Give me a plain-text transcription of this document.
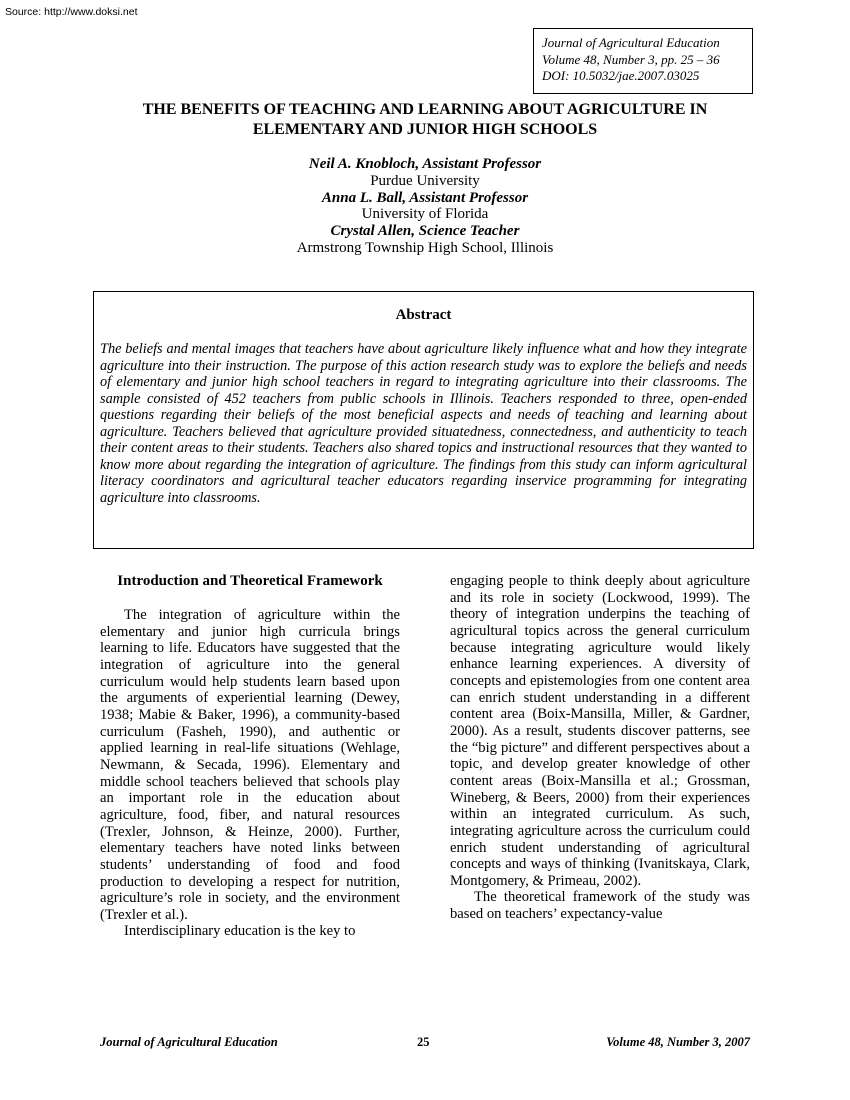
Source: http://www.doksi.net
Journal of Agricultural Education
Volume 48, Number 3, pp. 25 – 36
DOI: 10.5032/jae.2007.03025
THE BENEFITS OF TEACHING AND LEARNING ABOUT AGRICULTURE IN
ELEMENTARY AND JUNIOR HIGH SCHOOLS
Neil A. Knobloch, Assistant Professor
Purdue University
Anna L. Ball, Assistant Professor
University of Florida
Crystal Allen, Science Teacher
Armstrong Township High School, Illinois
Abstract
The beliefs and mental images that teachers have about agriculture likely influence what and how they integrate agriculture into their instruction. The purpose of this action research study was to explore the beliefs and needs of elementary and junior high school teachers in regard to integrating agriculture into their classrooms. The sample consisted of 452 teachers from public schools in Illinois. Teachers responded to three, open-ended questions regarding their beliefs of the most beneficial aspects and needs of teaching and learning about agriculture. Teachers believed that agriculture provided situatedness, connectedness, and authenticity to teach their content areas to their students. Teachers also shared topics and instructional resources that they wanted to know more about regarding the integration of agriculture. The findings from this study can inform agricultural literacy coordinators and agricultural teacher educators regarding inservice programming for integrating agriculture into classrooms.
Introduction and Theoretical Framework

The integration of agriculture within the elementary and junior high curricula brings learning to life. Educators have suggested that the integration of agriculture into the general curriculum would help students learn based upon the arguments of experiential learning (Dewey, 1938; Mabie & Baker, 1996), a community-based curriculum (Fasheh, 1990), and authentic or applied learning in real-life situations (Wehlage, Newmann, & Secada, 1996). Elementary and middle school teachers believed that schools play an important role in the education about agriculture, food, fiber, and natural resources (Trexler, Johnson, & Heinze, 2000). Further, elementary teachers have noted links between students’ understanding of food and food production to developing a respect for nutrition, agriculture’s role in society, and the environment (Trexler et al.).

Interdisciplinary education is the key to

engaging people to think deeply about agriculture and its role in society (Lockwood, 1999). The theory of integration underpins the teaching of agricultural topics across the general curriculum because integrating agriculture would likely enhance learning experiences. A diversity of concepts and epistemologies from one content area can enrich student understanding in a different content area (Boix-Mansilla, Miller, & Gardner, 2000). As a result, students discover patterns, see the “big picture” and different perspectives about a topic, and develop greater knowledge of other content areas (Boix-Mansilla et al.; Grossman, Wineberg, & Beers, 2000) from their experiences within an integrated curriculum. As such, integrating agriculture across the curriculum could enrich student understanding of agricultural concepts and ways of thinking (Ivanitskaya, Clark, Montgomery, & Primeau, 2002).

The theoretical framework of the study was based on teachers’ expectancy-value

Journal of Agricultural Education	25	Volume 48, Number 3, 2007
